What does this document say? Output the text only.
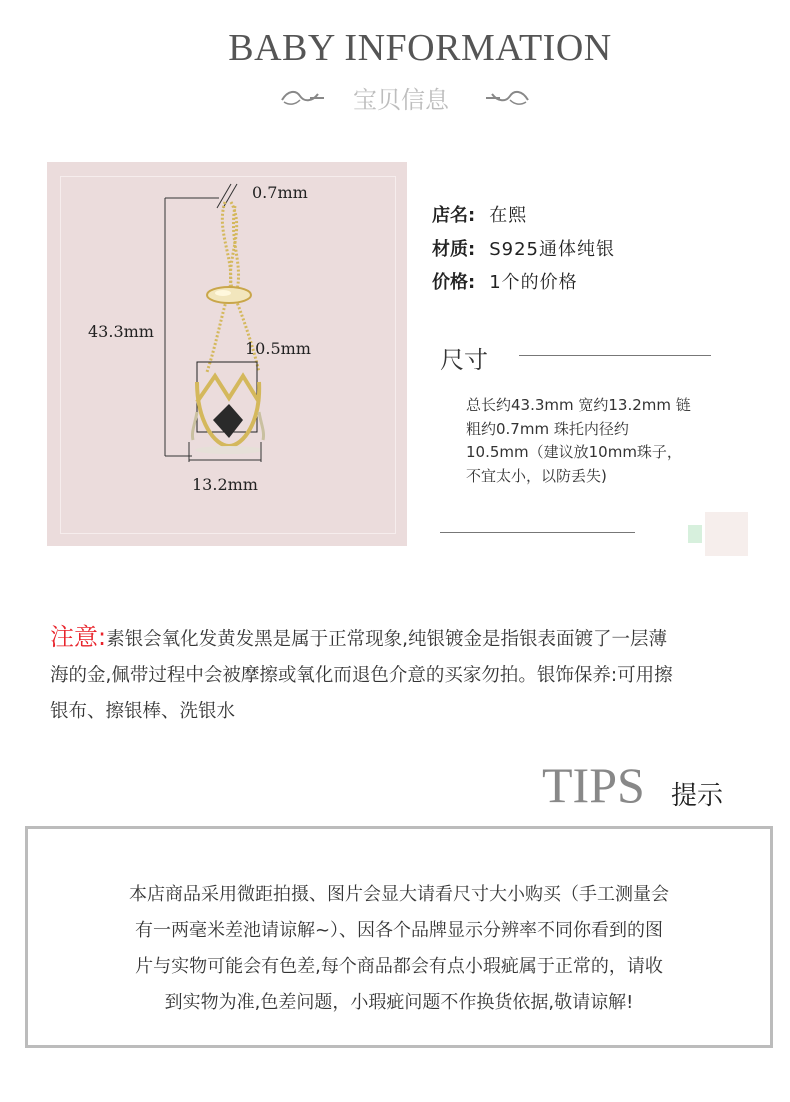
BABY INFORMATION
宝贝信息
0.7mm
43.3mm
10.5mm
13.2mm
店名: 在熙
材质: S925通体纯银
价格: 1个的价格
尺寸
总长约43.3mm 宽约13.2mm 链
粗约0.7mm 珠托内径约
10.5mm（建议放10mm珠子，
不宜太小，以防丢失)
注意:素银会氧化发黄发黑是属于正常现象,纯银镀金是指银表面镀了一层薄
海的金,佩带过程中会被摩擦或氧化而退色介意的买家勿拍。银饰保养:可用擦
银布、擦银棒、洗银水
TIPS 提示
本店商品采用微距拍摄、图片会显大请看尺寸大小购买（手工测量会
有一两毫米差池请谅解~）、因各个品牌显示分辨率不同你看到的图
片与实物可能会有色差,每个商品都会有点小瑕疵属于正常的，请收
到实物为准,色差问题，小瑕疵问题不作换货依据,敬请谅解!
